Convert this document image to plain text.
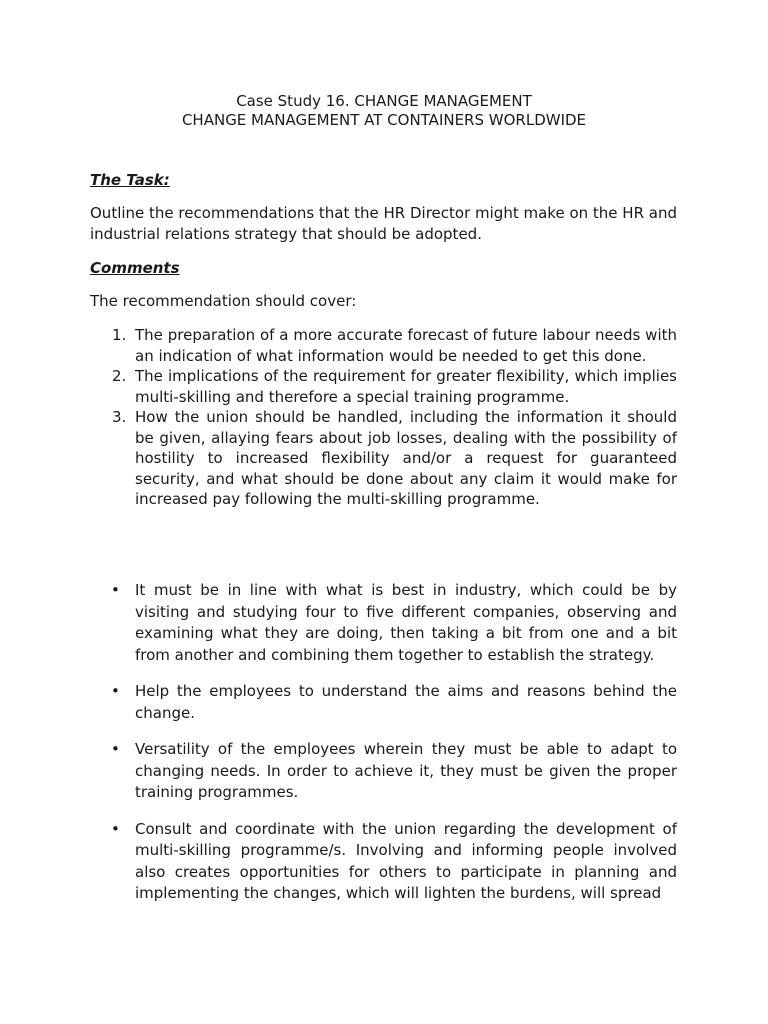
Case Study 16. CHANGE MANAGEMENT
CHANGE MANAGEMENT AT CONTAINERS WORLDWIDE
The Task:
Outline the recommendations that the HR Director might make on the HR and industrial relations strategy that should be adopted.
Comments
The recommendation should cover:
1. The preparation of a more accurate forecast of future labour needs with an indication of what information would be needed to get this done.
2. The implications of the requirement for greater flexibility, which implies multi-skilling and therefore a special training programme.
3. How the union should be handled, including the information it should be given, allaying fears about job losses, dealing with the possibility of hostility to increased flexibility and/or a request for guaranteed security, and what should be done about any claim it would make for increased pay following the multi-skilling programme.
• It must be in line with what is best in industry, which could be by visiting and studying four to five different companies, observing and examining what they are doing, then taking a bit from one and a bit from another and combining them together to establish the strategy.
• Help the employees to understand the aims and reasons behind the change.
• Versatility of the employees wherein they must be able to adapt to changing needs. In order to achieve it, they must be given the proper training programmes.
• Consult and coordinate with the union regarding the development of multi-skilling programme/s. Involving and informing people involved also creates opportunities for others to participate in planning and implementing the changes, which will lighten the burdens, will spread
